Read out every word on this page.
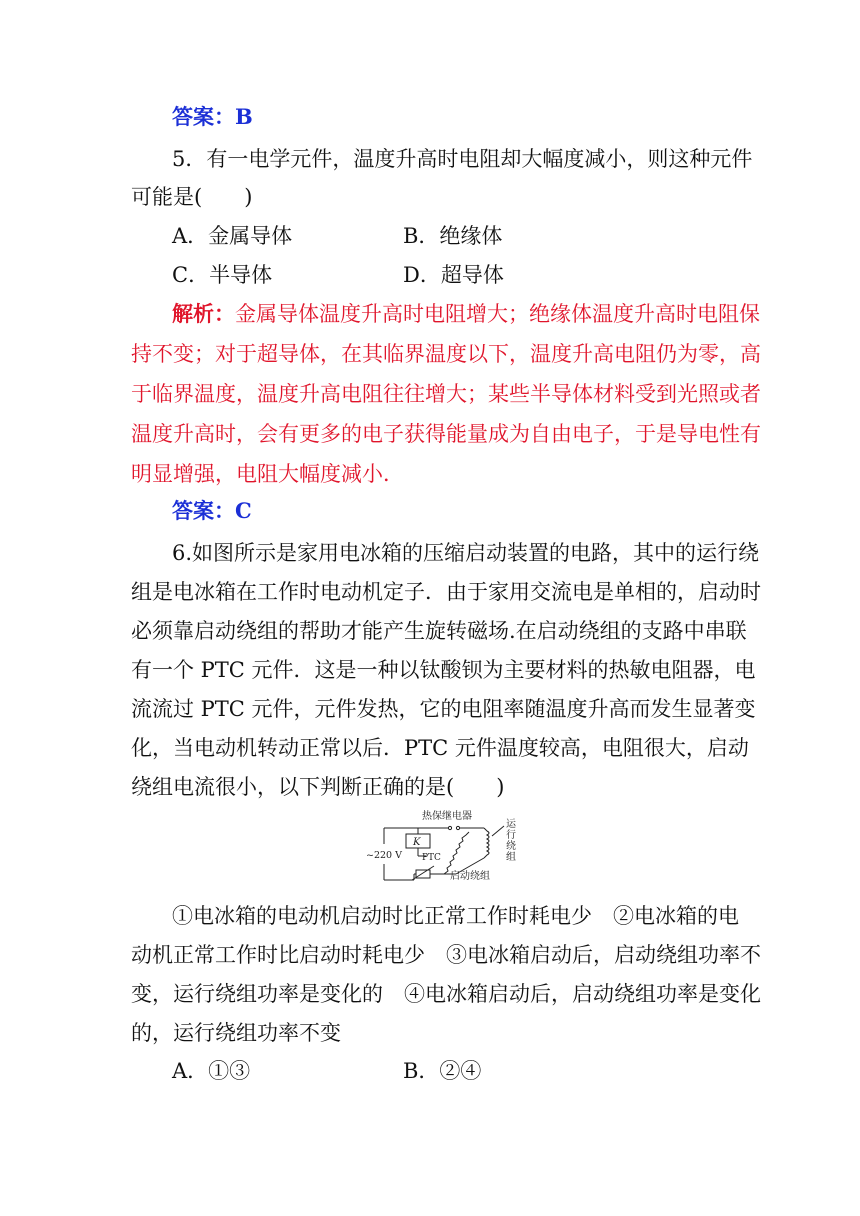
答案：B
5．有一电学元件，温度升高时电阻却大幅度减小，则这种元件
可能是(　　)
A．金属导体	B．绝缘体
C．半导体	D．超导体
解析：金属导体温度升高时电阻增大；绝缘体温度升高时电阻保
持不变；对于超导体，在其临界温度以下，温度升高电阻仍为零，高
于临界温度，温度升高电阻往往增大；某些半导体材料受到光照或者
温度升高时，会有更多的电子获得能量成为自由电子，于是导电性有
明显增强，电阻大幅度减小．
答案：C
6.如图所示是家用电冰箱的压缩启动装置的电路，其中的运行绕
组是电冰箱在工作时电动机定子．由于家用交流电是单相的，启动时
必须靠启动绕组的帮助才能产生旋转磁场.在启动绕组的支路中串联
有一个 PTC 元件．这是一种以钛酸钡为主要材料的热敏电阻器，电
流流过 PTC 元件，元件发热，它的电阻率随温度升高而发生显著变
化，当电动机转动正常以后．PTC 元件温度较高，电阻很大，启动
绕组电流很小，以下判断正确的是(　　)
热保继电器
运
行
绕
组
~220 V
K
PTC
启动绕组
①电冰箱的电动机启动时比正常工作时耗电少　②电冰箱的电
动机正常工作时比启动时耗电少　③电冰箱启动后，启动绕组功率不
变，运行绕组功率是变化的　④电冰箱启动后，启动绕组功率是变化
的，运行绕组功率不变
A．①③	B．②④
